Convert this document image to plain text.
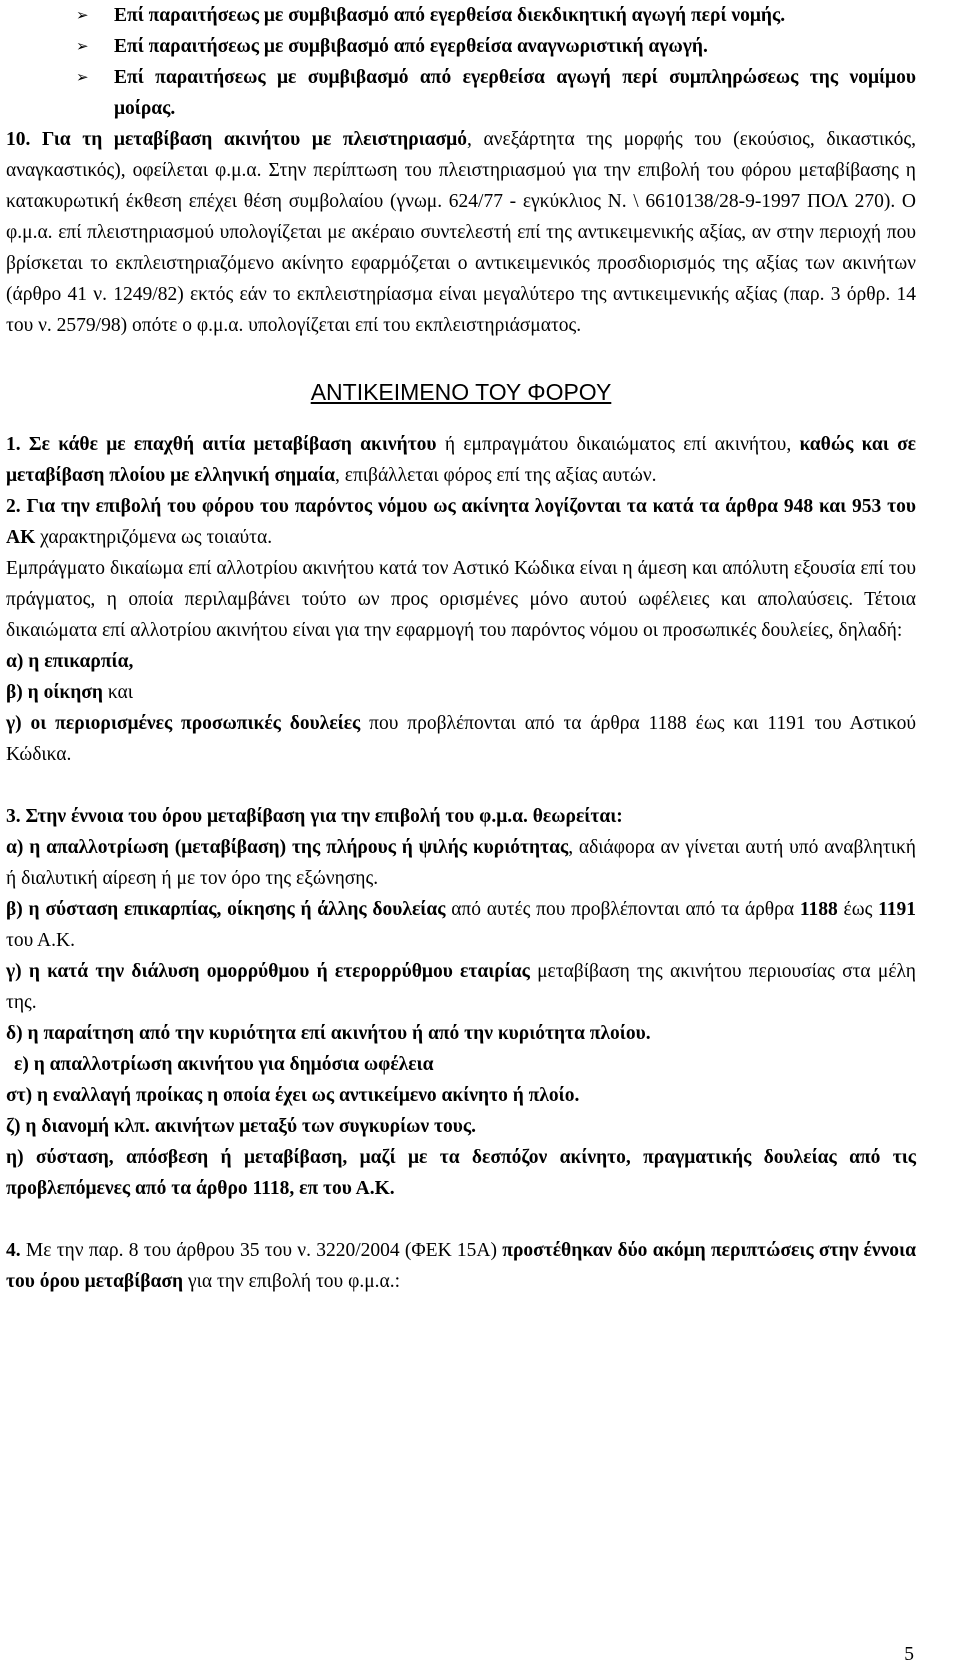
➢	Επί παραιτήσεως με συμβιβασμό από εγερθείσα διεκδικητική αγωγή περί νομής.
➢	Επί παραιτήσεως με συμβιβασμό από εγερθείσα αναγνωριστική αγωγή.
➢	Επί παραιτήσεως με συμβιβασμό από εγερθείσα αγωγή περί συμπληρώσεως της νομίμου μοίρας.

10. Για τη μεταβίβαση ακινήτου με πλειστηριασμό, ανεξάρτητα της μορφής του (εκούσιος, δικαστικός, αναγκαστικός), οφείλεται φ.μ.α. Στην περίπτωση του πλειστηριασμού για την επιβολή του φόρου μεταβίβασης η κατακυρωτική έκθεση επέχει θέση συμβολαίου (γνωμ. 624/77 - εγκύκλιος Ν. \ 6610138/28-9-1997 ΠΟΛ 270). Ο φ.μ.α. επί πλειστηριασμού υπολογίζεται με ακέραιο συντελεστή επί της αντικειμενικής αξίας, αν στην περιοχή που βρίσκεται το εκπλειστηριαζόμενο ακίνητο εφαρμόζεται ο αντικειμενικός προσδιορισμός της αξίας των ακινήτων (άρθρο 41 ν. 1249/82) εκτός εάν το εκπλειστηρίασμα είναι μεγαλύτερο της αντικειμενικής αξίας (παρ. 3 όρθρ. 14 του ν. 2579/98) οπότε ο φ.μ.α. υπολογίζεται επί του εκπλειστηριάσματος.

ΑΝΤΙΚΕΙΜΕΝΟ ΤΟΥ ΦΟΡΟΥ

1. Σε κάθε με επαχθή αιτία μεταβίβαση ακινήτου ή εμπραγμάτου δικαιώματος επί ακινήτου, καθώς και σε μεταβίβαση πλοίου με ελληνική σημαία, επιβάλλεται φόρος επί της αξίας αυτών.

2. Για την επιβολή του φόρου του παρόντος νόμου ως ακίνητα λογίζονται τα κατά τα άρθρα 948 και 953 του ΑΚ χαρακτηριζόμενα ως τοιαύτα.

Εμπράγματο δικαίωμα επί αλλοτρίου ακινήτου κατά τον Αστικό Κώδικα είναι η άμεση και απόλυτη εξουσία επί του πράγματος, η οποία περιλαμβάνει τούτο ων προς ορισμένες μόνο αυτού ωφέλειες και απολαύσεις. Τέτοια δικαιώματα επί αλλοτρίου ακινήτου είναι για την εφαρμογή του παρόντος νόμου οι προσωπικές δουλείες, δηλαδή:

α) η επικαρπία,

β) η οίκηση και

γ) οι περιορισμένες προσωπικές δουλείες που προβλέπονται από τα άρθρα 1188 έως και 1191 του Αστικού Κώδικα.

3. Στην έννοια του όρου μεταβίβαση για την επιβολή του φ.μ.α. θεωρείται:

α) η απαλλοτρίωση (μεταβίβαση) της πλήρους ή ψιλής κυριότητας, αδιάφορα αν γίνεται αυτή υπό αναβλητική ή διαλυτική αίρεση ή με τον όρο της εξώνησης.

β) η σύσταση επικαρπίας, οίκησης ή άλλης δουλείας από αυτές που προβλέπονται από τα άρθρα 1188 έως 1191 του Α.Κ.

γ) η κατά την διάλυση ομορρύθμου ή ετερορρύθμου εταιρίας μεταβίβαση της ακινήτου περιουσίας στα μέλη της.

δ) η παραίτηση από την κυριότητα επί ακινήτου ή από την κυριότητα πλοίου.

ε) η απαλλοτρίωση ακινήτου για δημόσια ωφέλεια

στ) η εναλλαγή προίκας η οποία έχει ως αντικείμενο ακίνητο ή πλοίο.

ζ) η διανομή κλπ. ακινήτων μεταξύ των συγκυρίων τους.

η) σύσταση, απόσβεση ή μεταβίβαση, μαζί με τα δεσπόζον ακίνητο, πραγματικής δουλείας από τις προβλεπόμενες από τα άρθρο 1118, επ του Α.Κ.

4. Με την παρ. 8 του άρθρου 35 του ν. 3220/2004 (ΦΕΚ 15Α) προστέθηκαν δύο ακόμη περιπτώσεις στην έννοια του όρου μεταβίβαση για την επιβολή του φ.μ.α.:

5
